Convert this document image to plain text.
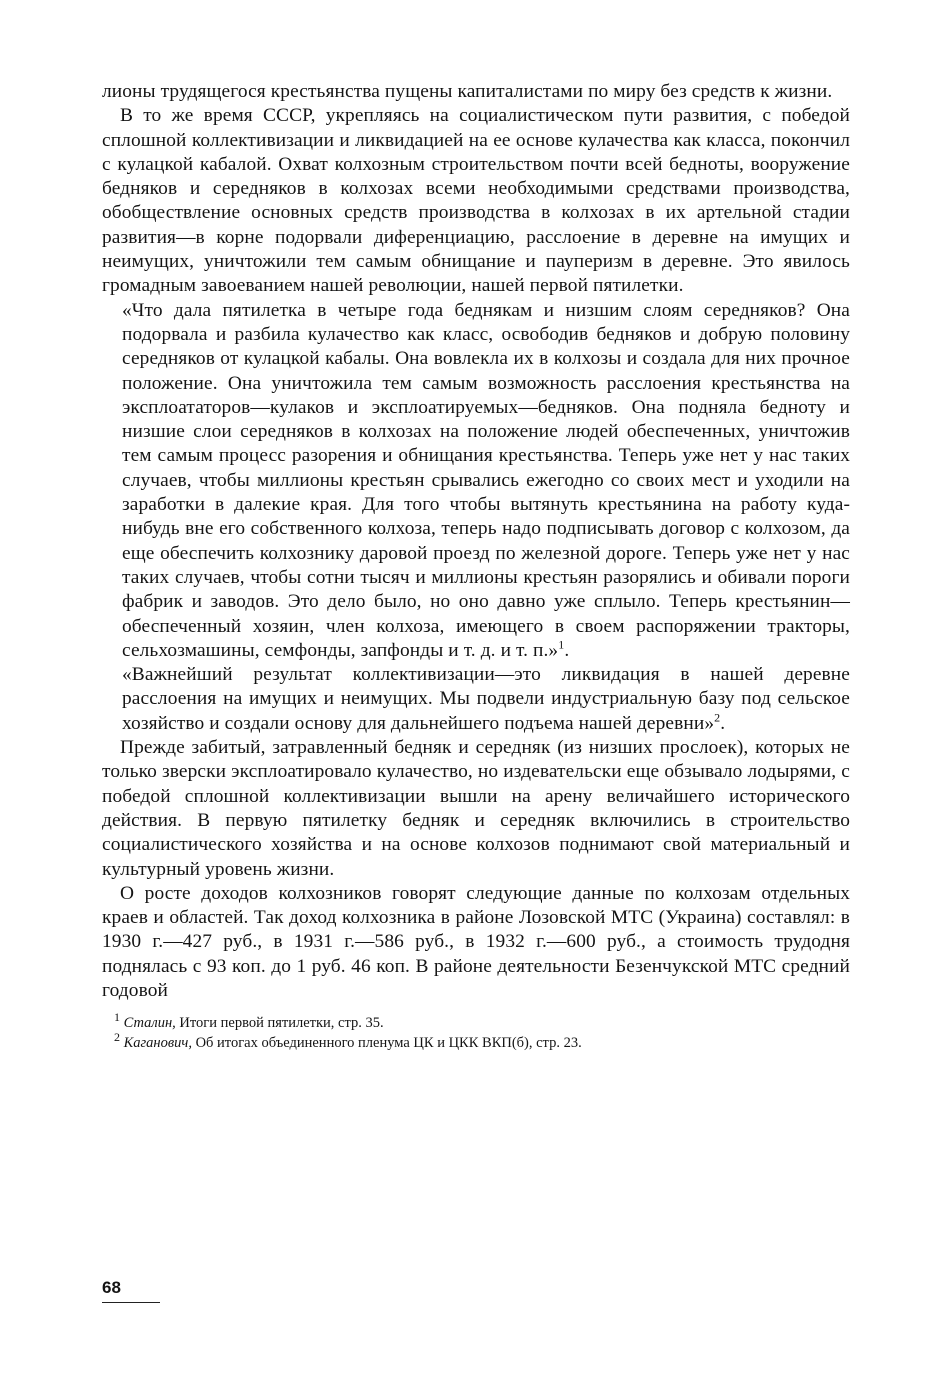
лионы трудящегося крестьянства пущены капиталистами по миру без средств к жизни.

В то же время СССР, укрепляясь на социалистическом пути развития, с победой сплошной коллективизации и ликвидацией на ее основе кулачества как класса, покончил с кулацкой кабалой. Охват колхозным строительством почти всей бедноты, вооружение бедняков и середняков в колхозах всеми необходимыми средствами производства, обобществление основных средств производства в колхозах в их артельной стадии развития—в корне подорвали диференциацию, расслоение в деревне на имущих и неимущих, уничтожили тем самым обнищание и пауперизм в деревне. Это явилось громадным завоеванием нашей революции, нашей первой пятилетки.

«Что дала пятилетка в четыре года беднякам и низшим слоям середняков? Она подорвала и разбила кулачество как класс, освободив бедняков и добрую половину середняков от кулацкой кабалы. Она вовлекла их в колхозы и создала для них прочное положение. Она уничтожила тем самым возможность расслоения крестьянства на эксплоататоров—кулаков и эксплоатируемых—бедняков. Она подняла бедноту и низшие слои середняков в колхозах на положение людей обеспеченных, уничтожив тем самым процесс разорения и обнищания крестьянства. Теперь уже нет у нас таких случаев, чтобы миллионы крестьян срывались ежегодно со своих мест и уходили на заработки в далекие края. Для того чтобы вытянуть крестьянина на работу куда-нибудь вне его собственного колхоза, теперь надо подписывать договор с колхозом, да еще обеспечить колхознику даровой проезд по железной дороге. Теперь уже нет у нас таких случаев, чтобы сотни тысяч и миллионы крестьян разорялись и обивали пороги фабрик и заводов. Это дело было, но оно давно уже сплыло. Теперь крестьянин—обеспеченный хозяин, член колхоза, имеющего в своем распоряжении тракторы, сельхозмашины, семфонды, запфонды и т. д. и т. п.»$^1$.

«Важнейший результат коллективизации—это ликвидация в нашей деревне расслоения на имущих и неимущих. Мы подвели индустриальную базу под сельское хозяйство и создали основу для дальнейшего подъема нашей деревни»$^2$.

Прежде забитый, затравленный бедняк и середняк (из низших прослоек), которых не только зверски эксплоатировало кулачество, но издевательски еще обзывало лодырями, с победой сплошной коллективизации вышли на арену величайшего исторического действия. В первую пятилетку бедняк и середняк включились в строительство социалистического хозяйства и на основе колхозов поднимают свой материальный и культурный уровень жизни.

О росте доходов колхозников говорят следующие данные по колхозам отдельных краев и областей. Так доход колхозника в районе Лозовской МТС (Украина) составлял: в 1930 г.—427 руб., в 1931 г.—586 руб., в 1932 г.—600 руб., а стоимость трудодня поднялась с 93 коп. до 1 руб. 46 коп. В районе деятельности Безенчукской МТС средний годовой

$^1$ Сталин, Итоги первой пятилетки, стр. 35.

$^2$ Каганович, Об итогах объединенного пленума ЦК и ЦКК ВКП(б), стр. 23.

68
